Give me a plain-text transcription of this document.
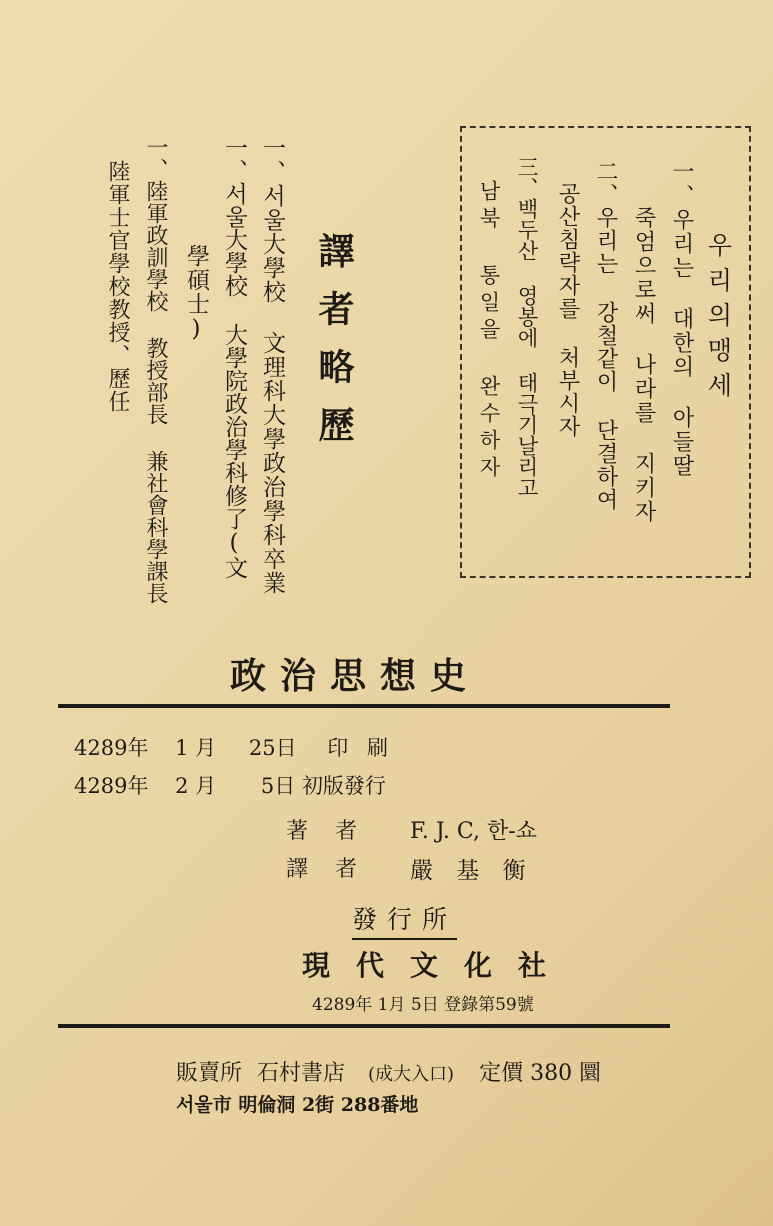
우리의맹세
一、우리는 대한의 아들딸
죽엄으로써 나라를 지키자
二、우리는 강철같이 단결하여
공산침략자를 처부시자
三、백두산 영봉에 태극기날리고
남북 통일을 완수하자
譯者略歷
一、서울大學校 文理科大學政治學科卒業
一、서울大學校 大學院政治學科修了(文
學碩士)
一、陸軍政訓學校 教授部長 兼社會科學課長
陸軍士官學校教授、歷任
政治思想史
4289年 1 月 25日 印 刷
4289年 2 月 5日 初版發行
著 者 F. J. C, 한-쇼
譯 者 嚴 基 衡
發行所
現代文化社
4289年 1月 5日 登錄第59號
販賣所 石村書店 (成大入口) 定價 380 圜
서울市 明倫洞 2街 288番地
